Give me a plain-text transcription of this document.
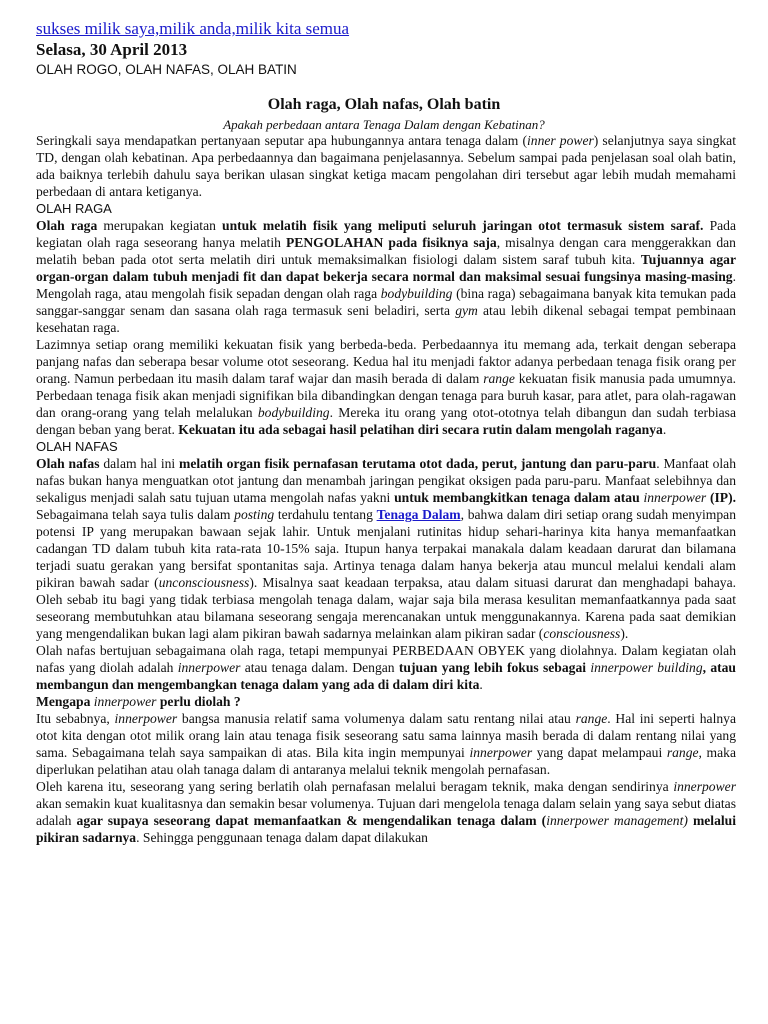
sukses milik saya,milik anda,milik kita semua
Selasa, 30 April 2013
OLAH ROGO, OLAH NAFAS, OLAH BATIN
Olah raga, Olah nafas, Olah batin
Apakah perbedaan antara Tenaga Dalam dengan Kebatinan?

Seringkali saya mendapatkan pertanyaan seputar apa hubungannya antara tenaga dalam (inner power) selanjutnya saya singkat TD, dengan olah kebatinan. Apa perbedaannya dan bagaimana penjelasannya. Sebelum sampai pada penjelasan soal olah batin, ada baiknya terlebih dahulu saya berikan ulasan singkat ketiga macam pengolahan diri tersebut agar lebih mudah memahami perbedaan di antara ketiganya.

OLAH RAGA

Olah raga merupakan kegiatan untuk melatih fisik yang meliputi seluruh jaringan otot termasuk sistem saraf. Pada kegiatan olah raga seseorang hanya melatih PENGOLAHAN pada fisiknya saja, misalnya dengan cara menggerakkan dan melatih beban pada otot serta melatih diri untuk memaksimalkan fisiologi dalam sistem saraf tubuh kita. Tujuannya agar organ-organ dalam tubuh menjadi fit dan dapat bekerja secara normal dan maksimal sesuai fungsinya masing-masing. Mengolah raga, atau mengolah fisik sepadan dengan olah raga bodybuilding (bina raga) sebagaimana banyak kita temukan pada sanggar-sanggar senam dan sasana olah raga termasuk seni beladiri, serta gym atau lebih dikenal sebagai tempat pembinaan kesehatan raga.

Lazimnya setiap orang memiliki kekuatan fisik yang berbeda-beda. Perbedaannya itu memang ada, terkait dengan seberapa panjang nafas dan seberapa besar volume otot seseorang. Kedua hal itu menjadi faktor adanya perbedaan tenaga fisik orang per orang. Namun perbedaan itu masih dalam taraf wajar dan masih berada di dalam range kekuatan fisik manusia pada umumnya. Perbedaan tenaga fisik akan menjadi signifikan bila dibandingkan dengan tenaga para buruh kasar, para atlet, para olah-ragawan dan orang-orang yang telah melalukan bodybuilding. Mereka itu orang yang otot-ototnya telah dibangun dan sudah terbiasa dengan beban yang berat. Kekuatan itu ada sebagai hasil pelatihan diri secara rutin dalam mengolah raganya.

OLAH NAFAS

Olah nafas dalam hal ini melatih organ fisik pernafasan terutama otot dada, perut, jantung dan paru-paru. Manfaat olah nafas bukan hanya menguatkan otot jantung dan menambah jaringan pengikat oksigen pada paru-paru. Manfaat selebihnya dan sekaligus menjadi salah satu tujuan utama mengolah nafas yakni untuk membangkitkan tenaga dalam atau innerpower (IP). Sebagaimana telah saya tulis dalam posting terdahulu tentang Tenaga Dalam, bahwa dalam diri setiap orang sudah menyimpan potensi IP yang merupakan bawaan sejak lahir. Untuk menjalani rutinitas hidup sehari-harinya kita hanya memanfaatkan cadangan TD dalam tubuh kita rata-rata 10-15% saja. Itupun hanya terpakai manakala dalam keadaan darurat dan bilamana terjadi suatu gerakan yang bersifat spontanitas saja. Artinya tenaga dalam hanya bekerja atau muncul melalui kendali alam pikiran bawah sadar (unconsciousness). Misalnya saat keadaan terpaksa, atau dalam situasi darurat dan menghadapi bahaya. Oleh sebab itu bagi yang tidak terbiasa mengolah tenaga dalam, wajar saja bila merasa kesulitan memanfaatkannya pada saat seseorang membutuhkan atau bilamana seseorang sengaja merencanakan untuk menggunakannya. Karena pada saat demikian yang mengendalikan bukan lagi alam pikiran bawah sadarnya melainkan alam pikiran sadar (consciousness).

Olah nafas bertujuan sebagaimana olah raga, tetapi mempunyai PERBEDAAN OBYEK yang diolahnya. Dalam kegiatan olah nafas yang diolah adalah innerpower atau tenaga dalam. Dengan tujuan yang lebih fokus sebagai innerpower building, atau membangun dan mengembangkan tenaga dalam yang ada di dalam diri kita.

Mengapa innerpower perlu diolah ?

Itu sebabnya, innerpower bangsa manusia relatif sama volumenya dalam satu rentang nilai atau range. Hal ini seperti halnya otot kita dengan otot milik orang lain atau tenaga fisik seseorang satu sama lainnya masih berada di dalam rentang nilai yang sama. Sebagaimana telah saya sampaikan di atas. Bila kita ingin mempunyai innerpower yang dapat melampaui range, maka diperlukan pelatihan atau olah tanaga dalam di antaranya melalui teknik mengolah pernafasan.

Oleh karena itu, seseorang yang sering berlatih olah pernafasan melalui beragam teknik, maka dengan sendirinya innerpower akan semakin kuat kualitasnya dan semakin besar volumenya. Tujuan dari mengelola tenaga dalam selain yang saya sebut diatas adalah agar supaya seseorang dapat memanfaatkan & mengendalikan tenaga dalam (innerpower management) melalui pikiran sadarnya. Sehingga penggunaan tenaga dalam dapat dilakukan
